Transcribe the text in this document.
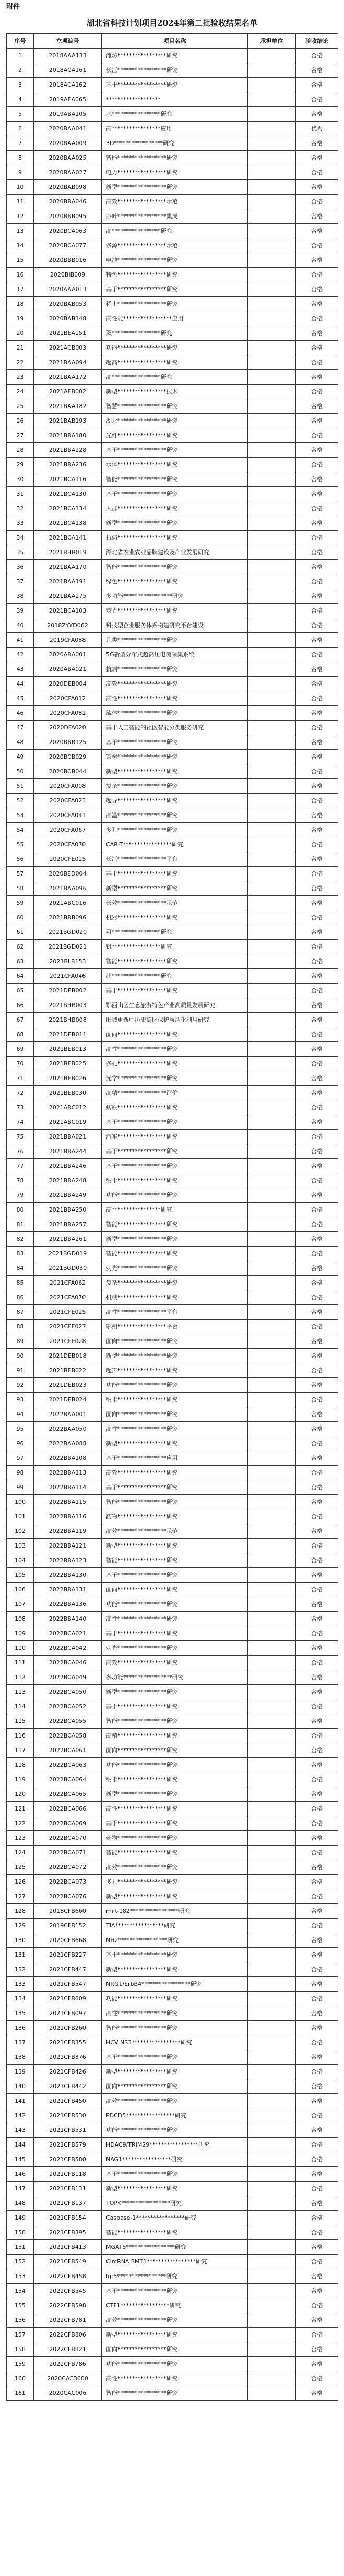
附件
湖北省科技计划项目2024年第二批验收结果名单
序号	立项编号	项目名称	承担单位	验收结论
1	2018AAA133	潍坊*****************研究		合格
2	2018ACA161	长江*****************研究		合格
3	2018ACA162	基于*****************研究		合格
4	2019AEA065	*******************		合格
5	2019ABA105	水*****************研究		合格
6	2020BAA041	高*****************应用		优秀
7	2020BAA009	3D*****************研究		合格
8	2020BAA025	智能*****************研究		合格
9	2020BAA027	电力*****************研究		合格
10	2020BAB098	新型*****************研究		合格
11	2020BBA046	高效*****************示范		合格
12	2020BBB095	茶叶*****************集成		合格
13	2020BCA063	高*****************研究		合格
14	2020BCA077	多源*****************示范		合格
15	2020BBB016	电池*****************研究		合格
16	2020BIB009	特色*****************研究		合格
17	2020AAA013	基于*****************研究		合格
18	2020BAB053	稀土*****************研究		合格
19	2020BAB148	高性能*****************应用		合格
20	2021BEA151	双*****************研究		合格
21	2021ACB003	功能*****************研究		合格
22	2021BAA094	超高*****************研究		合格
23	2021BAA172	高*****************研究		合格
24	2021AEB002	新型*****************技术		合格
25	2021BAA182	智慧*****************研究		合格
26	2021BAB193	湖北*****************研究		合格
27	2021BBA180	光纤*****************研究		合格
28	2021BBA228	基于*****************研究		合格
29	2021BBA236	水体*****************研究		合格
30	2021BCA116	智能*****************研究		合格
31	2021BCA130	基于*****************研究		合格
32	2021BCA134	人群*****************研究		合格
33	2021BCA138	新型*****************研究		合格
34	2021BCA141	抗病*****************研究		合格
35	2021BHB019	湖北省农业农业品牌建设及产业发展研究		合格
36	2021BAA170	智能*****************研究		合格
37	2021BAA191	绿色*****************研究		合格
38	2021BAA275	多功能*****************研究		合格
39	2021BCA103	荧光*****************研究		合格
40	2018ZYYD062	科技型企业服务体系构建研究平台建设		合格
41	2019CFA088	几类*****************研究		合格
42	2020ABA001	5G新型分布式超高压电流采集系统		合格
43	2020ABA021	抗病*****************研究		合格
44	2020DEB004	高效*****************研究		合格
45	2020CFA012	高性*****************研究		合格
46	2020CFA081	流体*****************研究		合格
47	2020DFA020	基于人工智能的社区智能分类服务研究		合格
48	2020BBB125	基于*****************研究		合格
49	2020BCB029	茶树*****************研究		合格
50	2020BCB044	新型*****************研究		合格
51	2020CFA008	复杂*****************研究		合格
52	2020CFA023	超导*****************研究		合格
53	2020CFA041	高温*****************研究		合格
54	2020CFA067	多孔*****************研究		合格
55	2020CFA070	CAR-T*****************研究		合格
56	2020CFE025	长江*****************平台		合格
57	2020BED004	基于*****************研究		合格
58	2021BAA096	新型*****************研究		合格
59	2021ABC016	长效*****************示范		合格
60	2021BBB096	机器*****************研究		合格
61	2021BGD020	可*****************研究		合格
62	2021BGD021	钒*****************研究		合格
63	2021BLB153	智能*****************研究		合格
64	2021CFA046	超*****************研究		合格
65	2021DEB002	基于*****************研究		合格
66	2021BHB003	鄂西山区生态旅游特色产业高质量发展研究		合格
67	2021BHB008	旧城更新中历史街区保护与活化利用研究		合格
68	2021DEB011	面向*****************研究		合格
69	2021BEB013	高性*****************研究		合格
70	2021BEB025	多孔*****************研究		合格
71	2021BEB026	光学*****************研究		合格
72	2021BEB030	高精*****************评价		合格
73	2021ABC012	病原*****************研究		合格
74	2021ABC019	基于*****************研究		合格
75	2021BBA021	汽车*****************研究		合格
76	2021BBA244	基于*****************研究		合格
77	2021BBA246	基于*****************研究		合格
78	2021BBA248	纳米*****************研究		合格
79	2021BBA249	功能*****************研究		合格
80	2021BBA250	高*****************研究		合格
81	2021BBA257	智能*****************研究		合格
82	2021BBA261	新型*****************研究		合格
83	2021BGD019	智能*****************研究		合格
84	2021BGD030	荧光*****************研究		合格
85	2021CFA062	复杂*****************研究		合格
86	2021CFA070	机械*****************研究		合格
87	2021CFE025	高性*****************平台		合格
88	2021CFE027	鄂州*****************平台		合格
89	2021CFE028	面向*****************研究		合格
90	2021DEB018	新型*****************研究		合格
91	2021BEB022	超声*****************研究		合格
92	2021DEB023	功能*****************研究		合格
93	2021DEB024	纳米*****************研究		合格
94	2022BAA001	面向*****************研究		合格
95	2022BAA050	高性*****************研究		合格
96	2022BAA088	新型*****************研究		合格
97	2022BBA108	基于*****************应用		合格
98	2022BBA113	高效*****************研究		合格
99	2022BBA114	基于*****************研究		合格
100	2022BBA115	智能*****************研究		合格
101	2022BBA116	药物*****************研究		合格
102	2022BBA119	高效*****************示范		合格
103	2022BBA121	新型*****************研究		合格
104	2022BBA123	智能*****************研究		合格
105	2022BBA130	基于*****************研究		合格
106	2022BBA131	面向*****************研究		合格
107	2022BBA136	功能*****************研究		合格
108	2022BBA140	高性*****************研究		合格
109	2022BCA021	基于*****************研究		合格
110	2022BCA042	荧光*****************研究		合格
111	2022BCA046	高效*****************研究		合格
112	2022BCA049	多功能*****************研究		合格
113	2022BCA050	新型*****************研究		合格
114	2022BCA052	基于*****************研究		合格
115	2022BCA055	智能*****************研究		合格
116	2022BCA058	高精*****************研究		合格
117	2022BCA061	面向*****************研究		合格
118	2022BCA063	功能*****************研究		合格
119	2022BCA064	纳米*****************研究		合格
120	2022BCA065	新型*****************研究		合格
121	2022BCA066	高性*****************研究		合格
122	2022BCA069	基于*****************研究		合格
123	2022BCA070	药物*****************研究		合格
124	2022BCA071	智能*****************研究		合格
125	2022BCA072	高效*****************研究		合格
126	2022BCA073	多孔*****************研究		合格
127	2022BCA076	新型*****************研究		合格
128	2018CFB660	miR-182*****************研究		合格
129	2019CFB152	TIA*****************研究		合格
130	2020CFB668	NH2*****************研究		合格
131	2021CFB227	基于*****************研究		合格
132	2021CFB447	新型*****************研究		合格
133	2021CFB547	NRG1/ErbB4*****************研究		合格
134	2021CFB609	功能*****************研究		合格
135	2021CFB097	高性*****************研究		合格
136	2021CFB260	智能*****************研究		合格
137	2021CFB355	HCV NS3*****************研究		合格
138	2021CFB376	基于*****************研究		合格
139	2021CFB426	新型*****************研究		合格
140	2021CFB442	面向*****************研究		合格
141	2021CFB450	高效*****************研究		合格
142	2021CFB530	PDCD5*****************研究		合格
143	2021CFB531	功能*****************研究		合格
144	2021CFB579	HDAC9/TRIM29*****************研究		合格
145	2021CFB580	NAG1*****************研究		合格
146	2021CFB118	基于*****************研究		合格
147	2021CFB131	新型*****************研究		合格
148	2021CFB137	TOPK*****************研究		合格
149	2021CFB154	Caspase-1*****************研究		合格
150	2021CFB395	智能*****************研究		合格
151	2021CFB413	MGAT5*****************研究		合格
152	2021CFB549	CircRNA SMT1*****************研究		合格
153	2022CFB458	lgr5*****************研究		合格
154	2022CFB545	基于*****************研究		合格
155	2022CFB598	CTF1*****************研究		合格
156	2022CFB781	高效*****************研究		合格
157	2022CFB806	新型*****************研究		合格
158	2022CFB821	面向*****************研究		合格
159	2022CFB786	功能*****************研究		合格
160	2020CAC3600	高性*****************研究		合格
161	2020CAC006	智能*****************研究		合格
